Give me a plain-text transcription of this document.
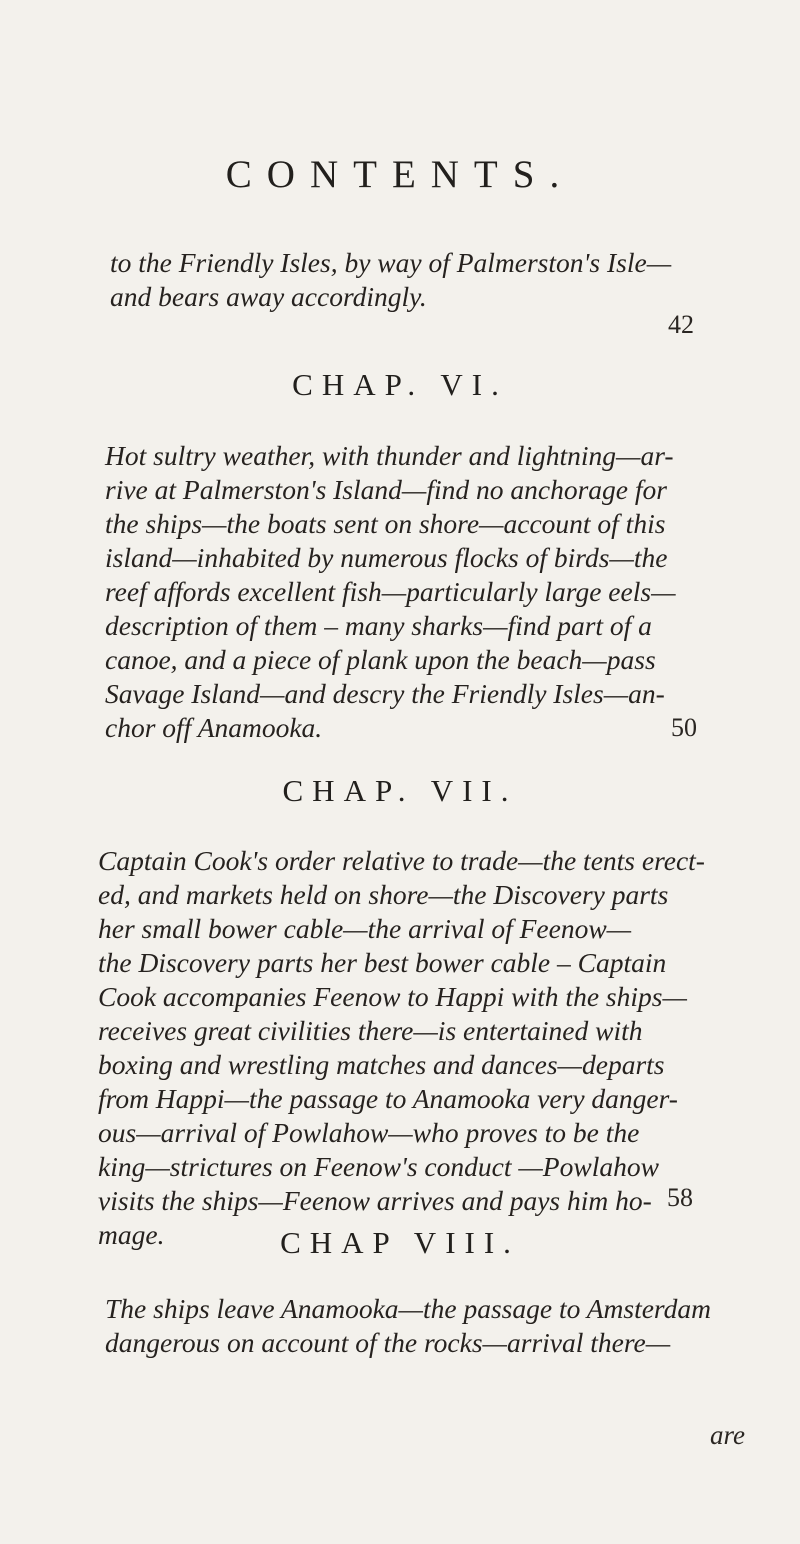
CONTENTS.
to the Friendly Isles, by way of Palmerston's Isle—
and bears away accordingly.
42
CHAP. VI.
Hot sultry weather, with thunder and lightning—ar-
rive at Palmerston's Island—find no anchorage for
the ships—the boats sent on shore—account of this
island—inhabited by numerous flocks of birds—the
reef affords excellent fish—particularly large eels—
description of them – many sharks—find part of a
canoe, and a piece of plank upon the beach—pass
Savage Island—and descry the Friendly Isles—an-
chor off Anamooka.	50
CHAP. VII.
Captain Cook's order relative to trade—the tents erect-
ed, and markets held on shore—the Discovery parts
her small bower cable—the arrival of Feenow—
the Discovery parts her best bower cable – Captain
Cook accompanies Feenow to Happi with the ships—
receives great civilities there—is entertained with
boxing and wrestling matches and dances—departs
from Happi—the passage to Anamooka very danger-
ous—arrival of Powlahow—who proves to be the
king—strictures on Feenow's conduct —Powlahow
visits the ships—Feenow arrives and pays him ho-
mage.
58
CHAP VIII.
The ships leave Anamooka—the passage to Amsterdam
dangerous on account of the rocks—arrival there—
are
